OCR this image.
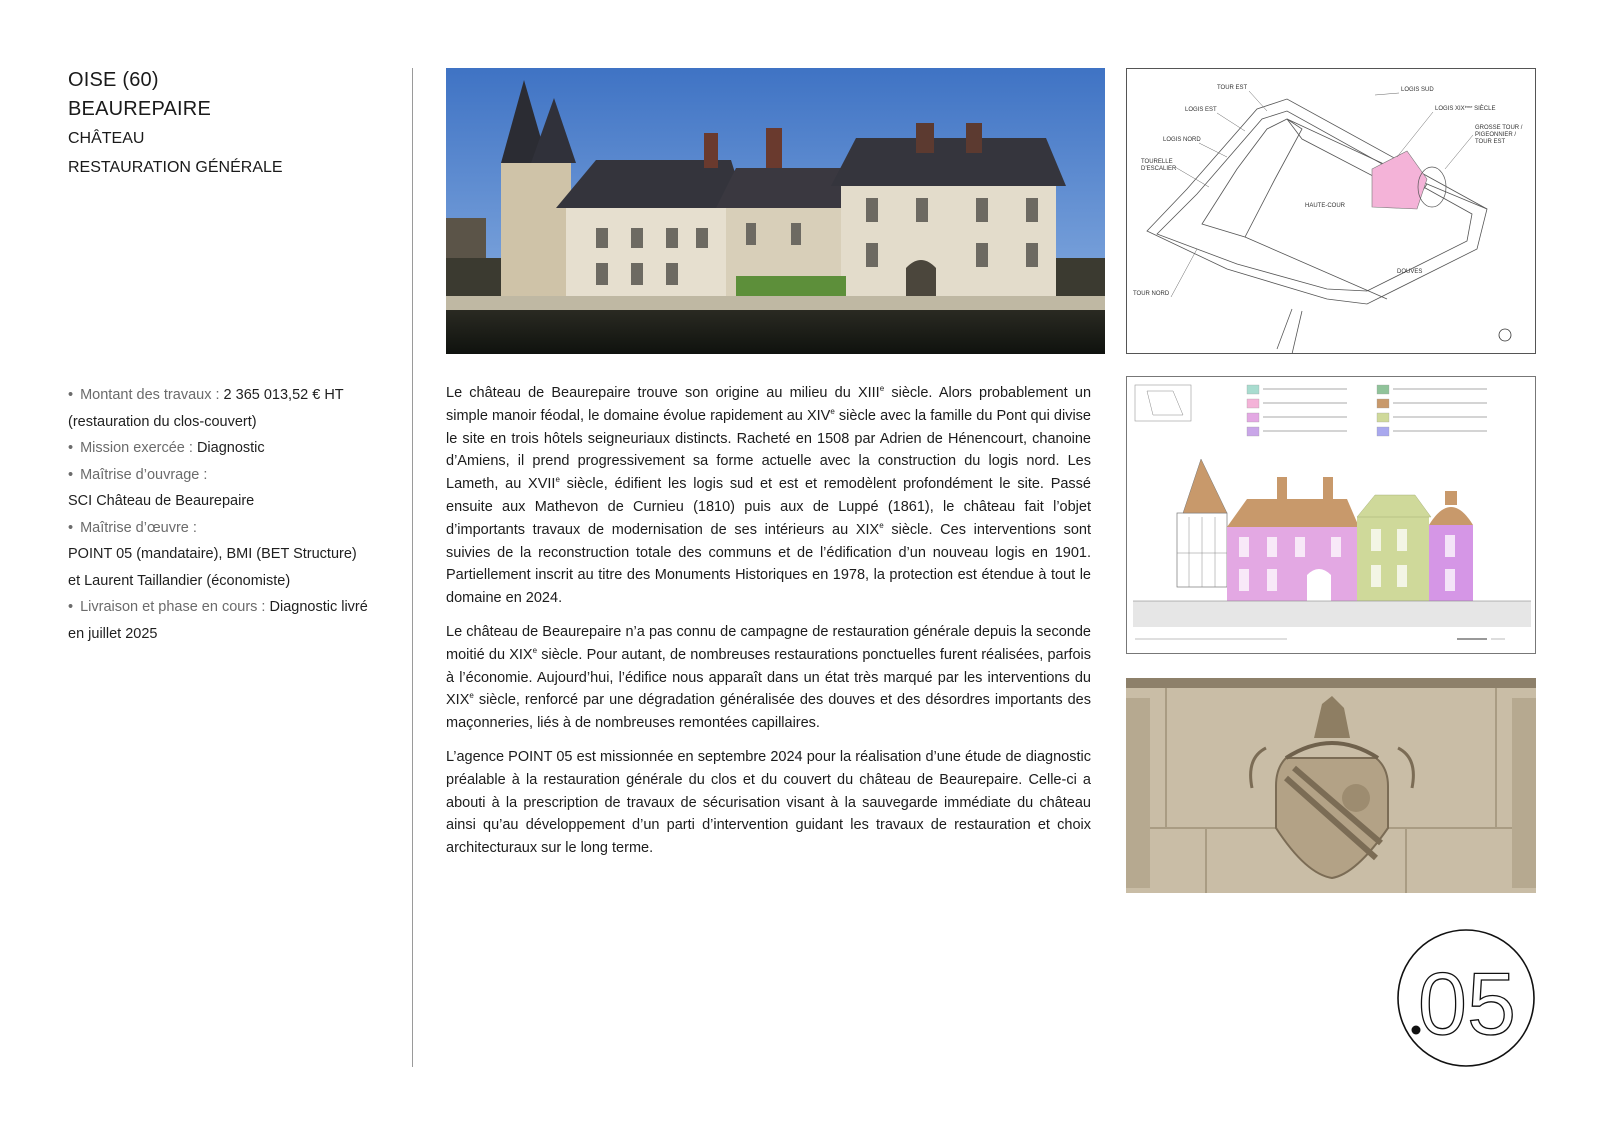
OISE (60)
BEAUREPAIRE
CHÂTEAU
RESTAURATION GÉNÉRALE
• Montant des travaux : 2 365 013,52 € HT
(restauration du clos-couvert)
• Mission exercée : Diagnostic
• Maîtrise d’ouvrage :
SCI Château de Beaurepaire
• Maîtrise d’œuvre :
POINT 05 (mandataire), BMI (BET Structure)
et Laurent Taillandier (économiste)
• Livraison et phase en cours : Diagnostic livré
en juillet 2025

Le château de Beaurepaire trouve son origine au milieu du XIIIe siècle. Alors probablement un simple manoir féodal, le domaine évolue rapidement au XIVe siècle avec la famille du Pont qui divise le site en trois hôtels seigneuriaux distincts. Racheté en 1508 par Adrien de Hénencourt, chanoine d’Amiens, il prend progressivement sa forme actuelle avec la construction du logis nord. Les Lameth, au XVIIe siècle, édifient les logis sud et est et remodèlent profondément le site. Passé ensuite aux Mathevon de Curnieu (1810) puis aux de Luppé (1861), le château fait l’objet d’importants travaux de modernisation de ses intérieurs au XIXe siècle. Ces interventions sont suivies de la reconstruction totale des communs et de l’édification d’un nouveau logis en 1901. Partiellement inscrit au titre des Monuments Historiques en 1978, la protection est étendue à tout le domaine en 2024.

Le château de Beaurepaire n’a pas connu de campagne de restauration générale depuis la seconde moitié du XIXe siècle. Pour autant, de nombreuses restaurations ponctuelles furent réalisées, parfois à l’économie. Aujourd’hui, l’édifice nous apparaît dans un état très marqué par les interventions du XIXe siècle, renforcé par une dégradation généralisée des douves et des désordres importants des maçonneries, liés à de nombreuses remontées capillaires.

L’agence POINT 05 est missionnée en septembre 2024 pour la réalisation d’une étude de diagnostic préalable à la restauration générale du clos et du couvert du château de Beaurepaire. Celle-ci a abouti à la prescription de travaux de sécurisation visant à la sauvegarde immédiate du château ainsi qu’au développement d’un parti d’intervention guidant les travaux de restauration et choix architecturaux sur le long terme.

TOUR EST
LOGIS EST
LOGIS NORD
TOURELLE
D’ESCALIER
LOGIS SUD
LOGIS XIXème SIÈCLE
GROSSE TOUR /
PIGEONNIER /
TOUR EST
HAUTE-COUR
DOUVES
TOUR NORD
05
